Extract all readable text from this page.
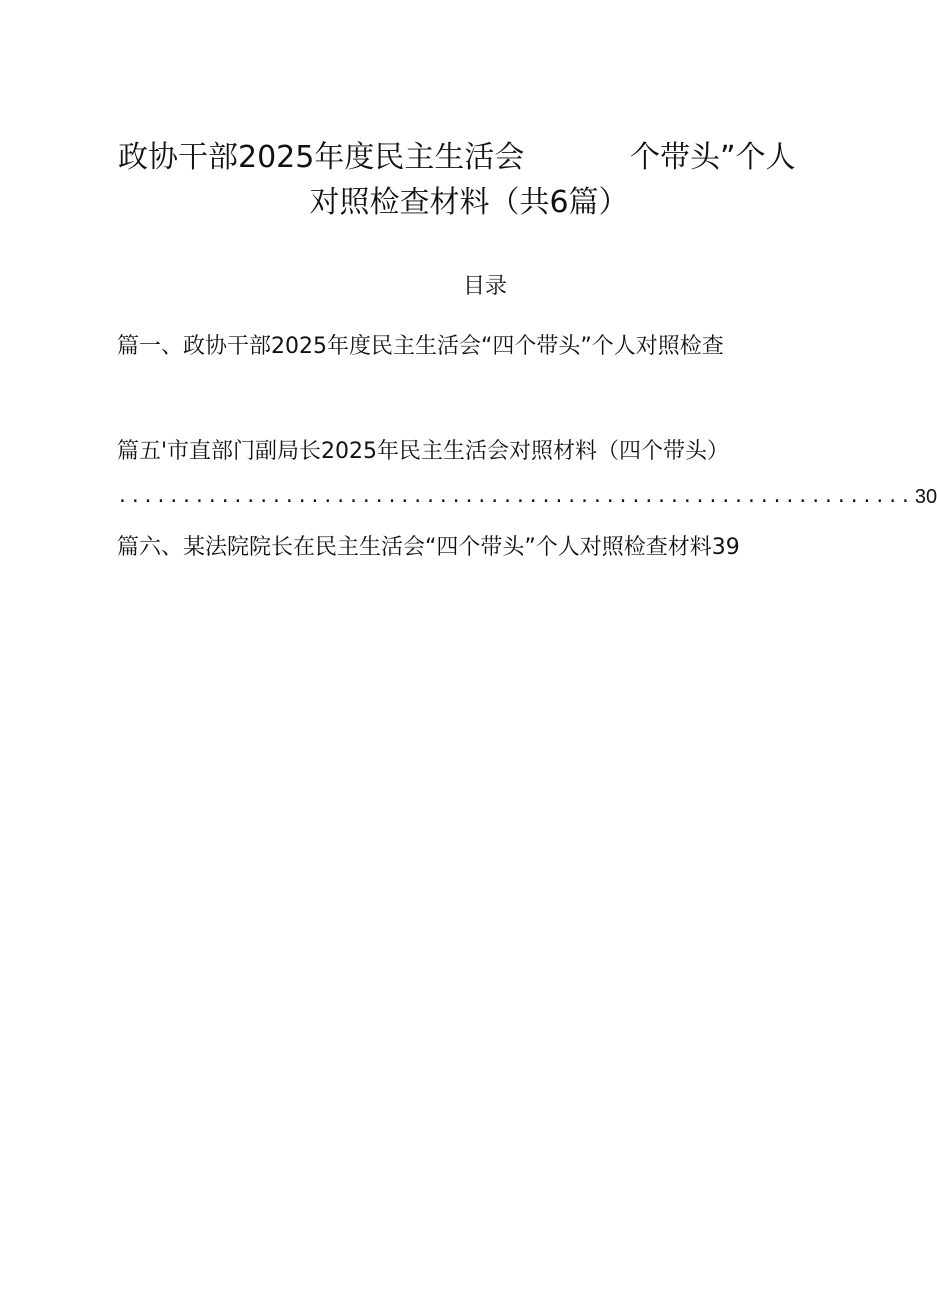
政协干部2025年度民主生活会	个带头”个人
对照检查材料（共6篇）
目录
篇一、政协干部2025年度民主生活会“四个带头”个人对照检查
篇五'市直部门副局长2025年民主生活会对照材料（四个带头）
.............................................................. 30
篇六、某法院院长在民主生活会“四个带头”个人对照检查材料39
